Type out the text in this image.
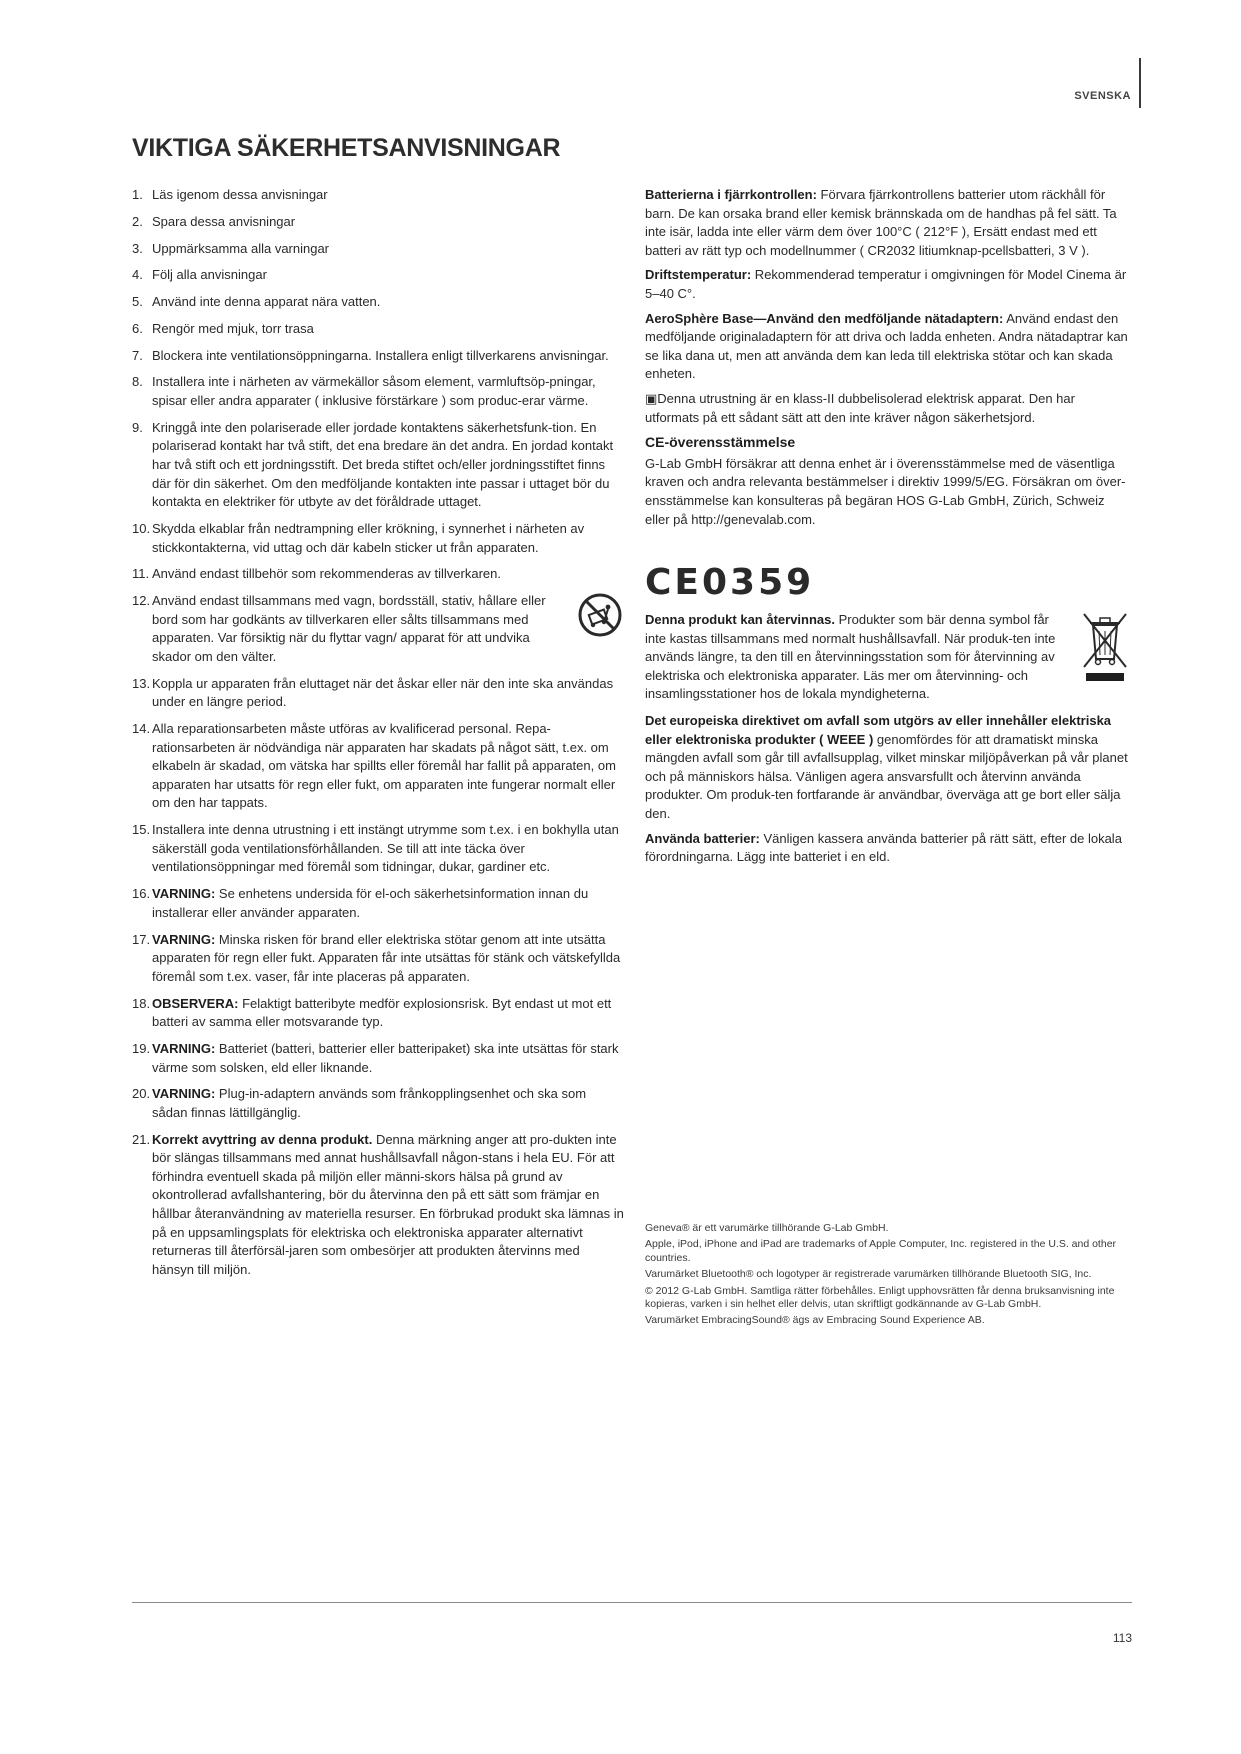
SVENSKA
VIKTIGA SÄKERHETSANVISNINGAR
1. Läs igenom dessa anvisningar
2. Spara dessa anvisningar
3. Uppmärksamma alla varningar
4. Följ alla anvisningar
5. Använd inte denna apparat nära vatten.
6. Rengör med mjuk, torr trasa
7. Blockera inte ventilationsöppningarna. Installera enligt tillverkarens anvisningar.
8. Installera inte i närheten av värmekällor såsom element, varmluftsöp-pningar, spisar eller andra apparater ( inklusive förstärkare ) som produc-erar värme.
9. Kringgå inte den polariserade eller jordade kontaktens säkerhetsfunk-tion. En polariserad kontakt har två stift, det ena bredare än det andra. En jordad kontakt har två stift och ett jordningsstift. Det breda stiftet och/eller jordningsstiftet finns där för din säkerhet. Om den medföljande kontakten inte passar i uttaget bör du kontakta en elektriker för utbyte av det föråldrade uttaget.
10. Skydda elkablar från nedtrampning eller krökning, i synnerhet i närheten av stickkontakterna, vid uttag och där kabeln sticker ut från apparaten.
11. Använd endast tillbehör som rekommenderas av tillverkaren.
12. Använd endast tillsammans med vagn, bordsställ, stativ, hållare eller bord som har godkänts av tillverkaren eller sålts tillsammans med apparaten. Var försiktig när du flyttar vagn/ apparat för att undvika skador om den välter.
13. Koppla ur apparaten från eluttaget när det åskar eller när den inte ska användas under en längre period.
14. Alla reparationsarbeten måste utföras av kvalificerad personal. Repa-rationsarbeten är nödvändiga när apparaten har skadats på något sätt, t.ex. om elkabeln är skadad, om vätska har spillts eller föremål har fallit på apparaten, om apparaten har utsatts för regn eller fukt, om apparaten inte fungerar normalt eller om den har tappats.
15. Installera inte denna utrustning i ett instängt utrymme som t.ex. i en bokhylla utan säkerställ goda ventilationsförhållanden. Se till att inte täcka över ventilationsöppningar med föremål som tidningar, dukar, gardiner etc.
16. VARNING: Se enhetens undersida för el-och säkerhetsinformation innan du installerar eller använder apparaten.
17. VARNING: Minska risken för brand eller elektriska stötar genom att inte utsätta apparaten för regn eller fukt. Apparaten får inte utsättas för stänk och vätskefyllda föremål som t.ex. vaser, får inte placeras på apparaten.
18. OBSERVERA: Felaktigt batteribyte medför explosionsrisk. Byt endast ut mot ett batteri av samma eller motsvarande typ.
19. VARNING: Batteriet (batteri, batterier eller batteripaket) ska inte utsättas för stark värme som solsken, eld eller liknande.
20. VARNING: Plug-in-adaptern används som frånkopplingsenhet och ska som sådan finnas lättillgänglig.
21. Korrekt avyttring av denna produkt. Denna märkning anger att pro-dukten inte bör slängas tillsammans med annat hushållsavfall någon-stans i hela EU. För att förhindra eventuell skada på miljön eller männi-skors hälsa på grund av okontrollerad avfallshantering, bör du återvinna den på ett sätt som främjar en hållbar återanvändning av materiella resurser. En förbrukad produkt ska lämnas in på en uppsamlingsplats för elektriska och elektroniska apparater alternativt returneras till återförsäl-jaren som ombesörjer att produkten återvinns med hänsyn till miljön.

Batterierna i fjärrkontrollen: Förvara fjärrkontrollens batterier utom räckhåll för barn. De kan orsaka brand eller kemisk brännskada om de handhas på fel sätt. Ta inte isär, ladda inte eller värm dem över 100°C ( 212°F ), Ersätt endast med ett batteri av rätt typ och modellnummer ( CR2032 litiumknap-pcellsbatteri, 3 V ).

Driftstemperatur: Rekommenderad temperatur i omgivningen för Model Cinema är 5–40 C°.

AeroSphère Base—Använd den medföljande nätadaptern: Använd endast den medföljande originaladaptern för att driva och ladda enheten. Andra nätadaptrar kan se lika dana ut, men att använda dem kan leda till elektriska stötar och kan skada enheten.

▣Denna utrustning är en klass-II dubbelisolerad elektrisk apparat. Den har utformats på ett sådant sätt att den inte kräver någon säkerhetsjord.

CE-överensstämmelse

G-Lab GmbH försäkrar att denna enhet är i överensstämmelse med de väsentliga kraven och andra relevanta bestämmelser i direktiv 1999/5/EG. Försäkran om över-ensstämmelse kan konsulteras på begäran HOS G-Lab GmbH, Zürich, Schweiz eller på http://genevalab.com.

CE0359
Denna produkt kan återvinnas. Produkter som bär denna symbol får inte kastas tillsammans med normalt hushållsavfall. När produk-ten inte används längre, ta den till en återvinningsstation som för återvinning av elektriska och elektroniska apparater. Läs mer om återvinning- och insamlingsstationer hos de lokala myndigheterna.

Det europeiska direktivet om avfall som utgörs av eller innehåller elektriska eller elektroniska produkter ( WEEE ) genomfördes för att dramatiskt minska mängden avfall som går till avfallsupplag, vilket minskar miljöpåverkan på vår planet och på människors hälsa. Vänligen agera ansvarsfullt och återvinn använda produkter. Om produk-ten fortfarande är användbar, överväga att ge bort eller sälja den.

Använda batterier: Vänligen kassera använda batterier på rätt sätt, efter de lokala förordningarna. Lägg inte batteriet i en eld.

Geneva® är ett varumärke tillhörande G-Lab GmbH.

Apple, iPod, iPhone and iPad are trademarks of Apple Computer, Inc. registered in the U.S. and other countries.

Varumärket Bluetooth® och logotyper är registrerade varumärken tillhörande Bluetooth SIG, Inc.

© 2012 G-Lab GmbH. Samtliga rätter förbehålles. Enligt upphovsrätten får denna bruksanvisning inte kopieras, varken i sin helhet eller delvis, utan skriftligt godkännande av G-Lab GmbH.

Varumärket EmbracingSound® ägs av Embracing Sound Experience AB.

113
